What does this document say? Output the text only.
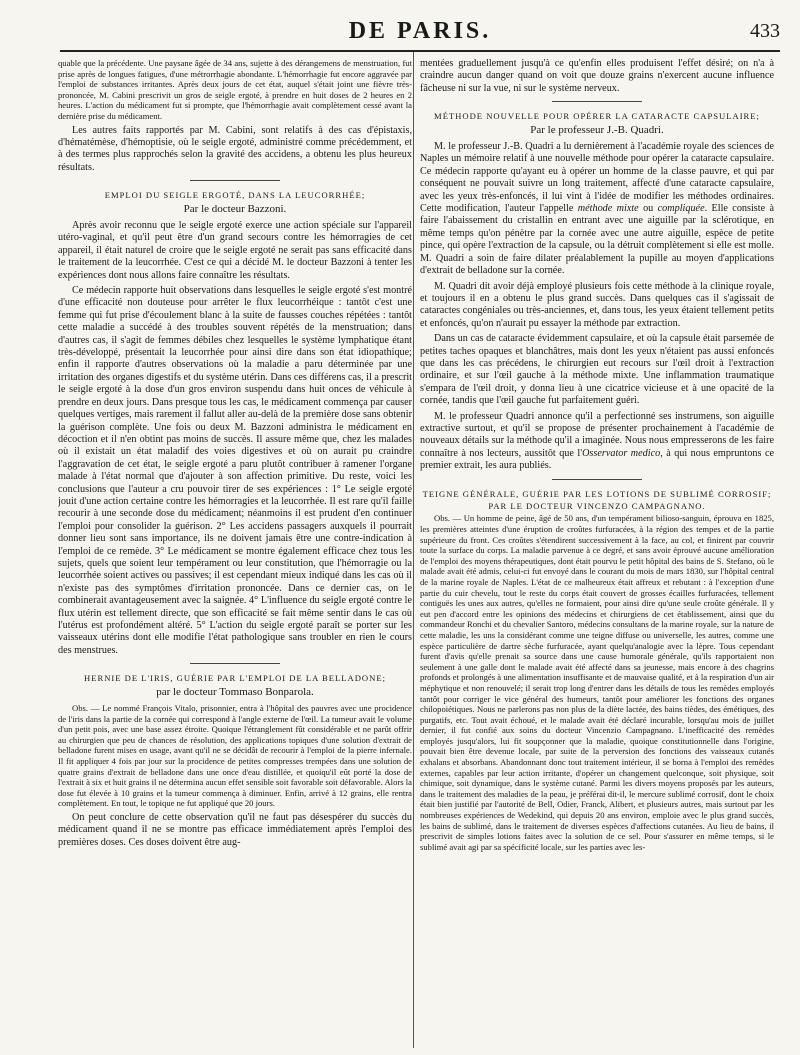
DE PARIS.	433

quable que la précédente. Une paysane âgée de 34 ans, sujette à des dérangemens de menstruation, fut prise après de longues fatigues, d'une métrorrhagie abondante. L'hémorrhagie fut encore aggravée par l'emploi de substances irritantes. Après deux jours de cet état, auquel s'était joint une fièvre très-prononcée, M. Cabini prescrivit un gros de seigle ergoté, à prendre en huit doses de 2 heures en 2 heures. L'action du médicament fut si prompte, que l'hémorrhagie avait complètement cessé avant la dernière prise du médicament.

Les autres faits rapportés par M. Cabini, sont relatifs à des cas d'épistaxis, d'hématémèse, d'hémoptisie, où le seigle ergoté, administré comme précédemment, et à des termes plus rapprochés selon la gravité des accidens, a obtenu les plus heureux résultats.

EMPLOI DU SEIGLE ERGOTÉ, DANS LA LEUCORRHÉE;
Par le docteur Bazzoni.

Après avoir reconnu que le seigle ergoté exerce une action spéciale sur l'appareil utéro-vaginal, et qu'il peut être d'un grand secours contre les hémorragies de cet appareil, il était naturel de croire que le seigle ergoté ne serait pas sans efficacité dans le traitement de la leucorrhée. C'est ce qui a décidé M. le docteur Bazzoni à tenter les expériences dont nous allons faire connaître les résultats.

Ce médecin rapporte huit observations dans lesquelles le seigle ergoté s'est montré d'une efficacité non douteuse pour arrêter le flux leucorrhéique : tantôt c'est une femme qui fut prise d'écoulement blanc à la suite de fausses couches répétées : tantôt cette maladie a succédé à des troubles souvent répétés de la menstruation; dans d'autres cas, il s'agit de femmes débiles chez lesquelles le système lymphatique étant très-développé, présentait la leucorrhée pour ainsi dire dans son état idiopathique; enfin il rapporte d'autres observations où la maladie a paru déterminée par une irritation des organes digestifs et du système utérin. Dans ces différens cas, il a prescrit le seigle ergoté à la dose d'un gros environ suspendu dans huit onces de véhicule à prendre en deux jours. Dans presque tous les cas, le médicament commença par causer quelques vertiges, mais rarement il fallut aller au-delà de la première dose sans obtenir la guérison complète. Une fois ou deux M. Bazzoni administra le médicament en décoction et il n'en obtint pas moins de succès. Il assure même que, chez les malades où il existait un état maladif des voies digestives et où on aurait pu craindre l'aggravation de cet état, le seigle ergoté a paru plutôt contribuer à ramener l'organe malade à l'état normal que d'ajouter à son affection primitive. Du reste, voici les conclusions que l'auteur a cru pouvoir tirer de ses expériences : 1° Le seigle ergoté jouit d'une action certaine contre les hémorragies et la leucorrhée. Il est rare qu'il faille recourir à une seconde dose du médicament; néanmoins il est prudent d'en continuer l'emploi pour consolider la guérison. 2° Les accidens passagers auxquels il pourrait donner lieu sont sans importance, ils ne doivent jamais être une contre-indication à l'emploi de ce remède. 3° Le médicament se montre également efficace chez tous les sujets, quels que soient leur tempérament ou leur constitution, que l'hémorragie ou la leucorrhée soient actives ou passives; il est cependant mieux indiqué dans les cas où il n'existe pas des symptômes d'irritation prononcée. Dans ce dernier cas, on le combinerait avantageusement avec la saignée. 4° L'influence du seigle ergoté contre le flux utérin est tellement directe, que son efficacité se fait même sentir dans le cas où l'utérus est profondément altéré. 5° L'action du seigle ergoté paraît se porter sur les vaisseaux utérins dont elle modifie l'état pathologique sans troubler en rien le cours des menstrues.

HERNIE DE L'IRIS, GUÉRIE PAR L'EMPLOI DE LA BELLADONE;
par le docteur Tommaso Bonparola.

Obs. — Le nommé François Vitalo, prisonnier, entra à l'hôpital des pauvres avec une procidence de l'iris dans la partie de la cornée qui correspond à l'angle externe de l'œil. La tumeur avait le volume d'un petit pois, avec une base assez étroite. Quoique l'étranglement fût considérable et ne parût offrir au chirurgien que peu de chances de résolution, des applications topiques d'une solution d'extrait de belladone furent mises en usage, avant qu'il ne se décidât de recourir à l'emploi de la pierre infernale. Il fit appliquer 4 fois par jour sur la procidence de petites compresses trempées dans une solution de quatre grains d'extrait de belladone dans une once d'eau distillée, et quoiqu'il eût porté la dose de l'extrait à six et huit grains il ne détermina aucun effet sensible soit favorable soit défavorable. Alors la dose fut élevée à 10 grains et la tumeur commença à diminuer. Enfin, arrivé à 12 grains, elle rentra complètement. En tout, le topique ne fut appliqué que 20 jours.

On peut conclure de cette observation qu'il ne faut pas désespérer du succès du médicament quand il ne se montre pas efficace immédiatement après l'emploi des premières doses. Ces doses doivent être aug-

mentées graduellement jusqu'à ce qu'enfin elles produisent l'effet désiré; on n'a à craindre aucun danger quand on voit que douze grains n'exercent aucune influence fâcheuse ni sur la vue, ni sur le système nerveux.

MÉTHODE NOUVELLE POUR OPÉRER LA CATARACTE CAPSULAIRE;
Par le professeur J.-B. Quadri.

M. le professeur J.-B. Quadri a lu dernièrement à l'académie royale des sciences de Naples un mémoire relatif à une nouvelle méthode pour opérer la cataracte capsulaire. Ce médecin rapporte qu'ayant eu à opérer un homme de la classe pauvre, et qui par conséquent ne pouvait suivre un long traitement, affecté d'une cataracte capsulaire, avec les yeux très-enfoncés, il lui vint à l'idée de modifier les méthodes ordinaires. Cette modification, l'auteur l'appelle méthode mixte ou compliquée. Elle consiste à faire l'abaissement du cristallin en entrant avec une aiguille par la sclérotique, en même temps qu'on pénètre par la cornée avec une autre aiguille, espèce de petite pince, qui opère l'extraction de la capsule, ou la détruit complètement si elle est molle. M. Quadri a soin de faire dilater préalablement la pupille au moyen d'applications d'extrait de belladone sur la cornée.

M. Quadri dit avoir déjà employé plusieurs fois cette méthode à la clinique royale, et toujours il en a obtenu le plus grand succès. Dans quelques cas il s'agissait de cataractes congéniales ou très-anciennes, et, dans tous, les yeux étaient tellement petits et enfoncés, qu'on n'aurait pu essayer la méthode par extraction.

Dans un cas de cataracte évidemment capsulaire, et où la capsule était parsemée de petites taches opaques et blanchâtres, mais dont les yeux n'étaient pas aussi enfoncés que dans les cas précédens, le chirurgien eut recours sur l'œil droit à l'extraction ordinaire, et sur l'œil gauche à la méthode mixte. Une inflammation traumatique s'empara de l'œil droit, y donna lieu à une cicatrice vicieuse et à une opacité de la cornée, tandis que l'œil gauche fut parfaitement guéri.

M. le professeur Quadri annonce qu'il a perfectionné ses instrumens, son aiguille extractive surtout, et qu'il se propose de présenter prochainement à l'académie de nouveaux détails sur la méthode qu'il a imaginée. Nous nous empresserons de les faire connaître à nos lecteurs, aussitôt que l'Osservator medico, à qui nous empruntons ce premier extrait, les aura publiés.

TEIGNE GÉNÉRALE, GUÉRIE PAR LES LOTIONS DE SUBLIMÉ CORROSIF; PAR LE DOCTEUR VINCENZO CAMPAGNANO.

Obs. — Un homme de peine, âgé de 50 ans, d'un tempérament bilioso-sanguin, éprouva en 1825, les premières atteintes d'une éruption de croûtes furfuracées, à la région des tempes et de la partie supérieure du front. Ces croûtes s'étendirent successivement à la face, au col, et finirent par couvrir toute la surface du corps. La maladie parvenue à ce degré, et sans avoir éprouvé aucune amélioration de l'emploi des moyens thérapeutiques, dont était pourvu le petit hôpital des bains de S. Stefano, où le malade avait été admis, celui-ci fut envoyé dans le courant du mois de mars 1830, sur l'hôpital central de la marine royale de Naples. L'état de ce malheureux était affreux et rebutant : à l'exception d'une partie du cuir chevelu, tout le reste du corps était couvert de grosses écailles furfuracées, tellement contiguës les unes aux autres, qu'elles ne formaient, pour ainsi dire qu'une seule croûte générale. Il y eut pen d'accord entre les opinions des médecins et chirurgiens de cet établissement, ainsi que du commandeur Ronchi et du chevalier Santoro, médecins consultans de la marine royale, sur la nature de cette maladie, les uns la considérant comme une teigne diffuse ou universelle, les autres, comme une espèce particulière de dartre sèche furfuracée, ayant quelqu'analogie avec la lèpre. Tous cependant furent d'avis qu'elle prenait sa source dans une cause humorale générale, qu'ils rapportaient non seulement à une galle dont le malade avait été affecté dans sa jeunesse, mais encore à des chagrins profonds et prolongés à une alimentation insuffisante et de mauvaise qualité, et à la respiration d'un air méphytique et non renouvelé; il serait trop long d'entrer dans les détails de tous les remèdes employés tantôt pour corriger le vice général des humeurs, tantôt pour améliorer les fonctions des organes chilopoiétiques. Nous ne parlerons pas non plus de la diète lactée, des bains tièdes, des émétiques, des purgatifs, etc. Tout avait échoué, et le malade avait été déclaré incurable, lorsqu'au mois de juillet dernier, il fut confié aux soins du docteur Vincenzio Campagnano. L'inefficacité des remèdes employés jusqu'alors, lui fit soupçonner que la maladie, quoique constitutionnelle dans l'origine, pouvait bien être devenue locale, par suite de la perversion des fonctions des vaisseaux cutanés exhalans et absorbans. Abandonnant donc tout traitement intérieur, il se borna à l'emploi des remèdes externes, capables par leur action irritante, d'opérer un changement quelconque, soit physique, soit chimique, soit dynamique, dans le système cutané. Parmi les divers moyens proposés par les auteurs, dans le traitement des maladies de la peau, je préférai dit-il, le mercure sublimé corrosif, dont le choix était bien justifié par l'autorité de Bell, Odier, Franck, Alibert, et plusieurs autres, mais surtout par les nombreuses expériences de Wedekind, qui depuis 20 ans environ, emploie avec le plus grand succès, les bains de sublimé, dans le traitement de diverses espèces d'affections cutanées. Au lieu de bains, il prescrivit de simples lotions faites avec la solution de ce sel. Pour s'assurer en même temps, si le sublimé avait agi par sa spécificité locale, sur les parties avec les-
